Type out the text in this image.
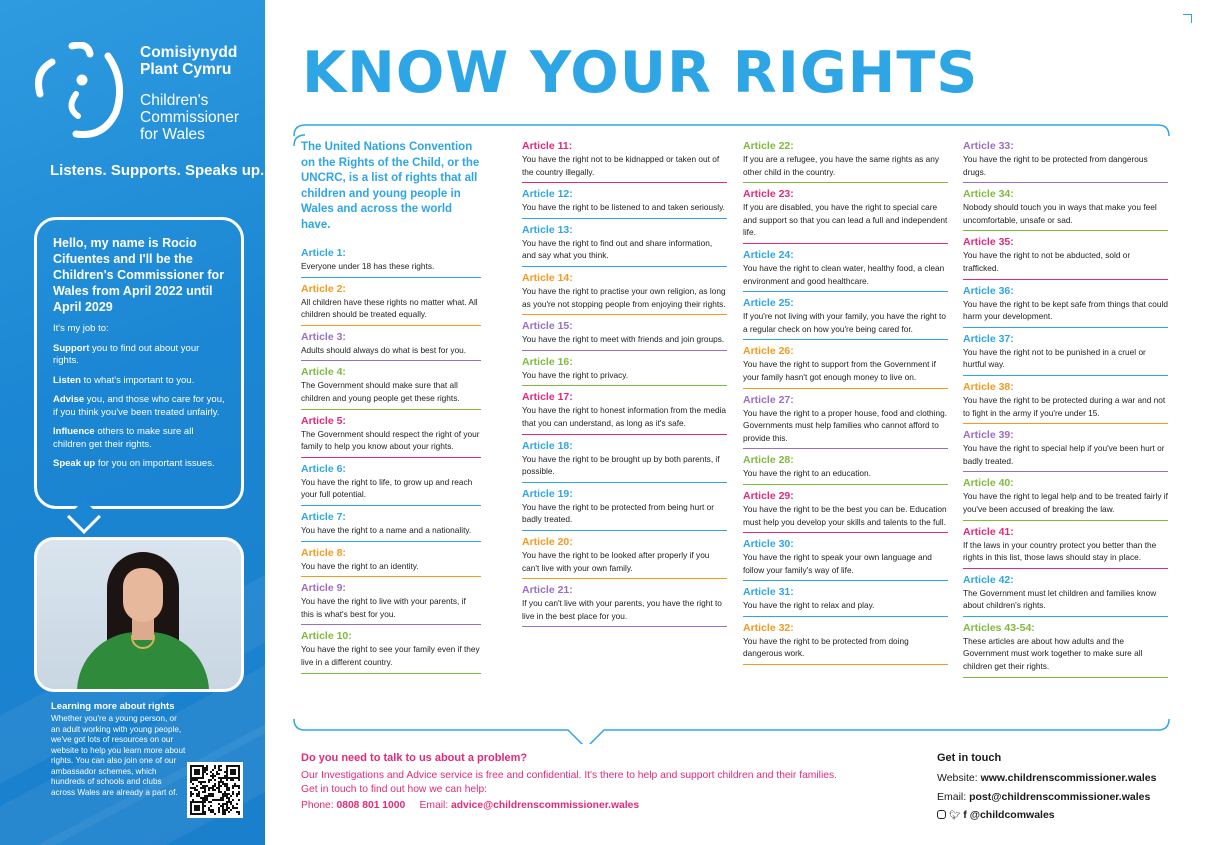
Comisiynydd
Plant Cymru
Children's
Commissioner
for Wales
Listens. Supports. Speaks up.
Hello, my name is Rocio Cifuentes and I'll be the Children's Commissioner for Wales from April 2022 until April 2029

It's my job to:

Support you to find out about your rights.

Listen to what's important to you.

Advise you, and those who care for you, if you think you've been treated unfairly.

Influence others to make sure all children get their rights.

Speak up for you on important issues.

Learning more about rights

Whether you're a young person, or an adult working with young people, we've got lots of resources on our website to help you learn more about rights. You can also join one of our ambassador schemes, which hundreds of schools and clubs across Wales are already a part of.

KNOW YOUR RIGHTS

The United Nations Convention on the Rights of the Child, or the UNCRC, is a list of rights that all children and young people in Wales and across the world have.

Article 1:
Everyone under 18 has these rights.
Article 2:
All children have these rights no matter what. All children should be treated equally.
Article 3:
Adults should always do what is best for you.
Article 4:
The Government should make sure that all children and young people get these rights.
Article 5:
The Government should respect the right of your family to help you know about your rights.
Article 6:
You have the right to life, to grow up and reach your full potential.
Article 7:
You have the right to a name and a nationality.
Article 8:
You have the right to an identity.
Article 9:
You have the right to live with your parents, if this is what's best for you.
Article 10:
You have the right to see your family even if they live in a different country.
Article 11:
You have the right not to be kidnapped or taken out of the country illegally.
Article 12:
You have the right to be listened to and taken seriously.
Article 13:
You have the right to find out and share information, and say what you think.
Article 14:
You have the right to practise your own religion, as long as you're not stopping people from enjoying their rights.
Article 15:
You have the right to meet with friends and join groups.
Article 16:
You have the right to privacy.
Article 17:
You have the right to honest information from the media that you can understand, as long as it's safe.
Article 18:
You have the right to be brought up by both parents, if possible.
Article 19:
You have the right to be protected from being hurt or badly treated.
Article 20:
You have the right to be looked after properly if you can't live with your own family.
Article 21:
If you can't live with your parents, you have the right to live in the best place for you.
Article 22:
If you are a refugee, you have the same rights as any other child in the country.
Article 23:
If you are disabled, you have the right to special care and support so that you can lead a full and independent life.
Article 24:
You have the right to clean water, healthy food, a clean environment and good healthcare.
Article 25:
If you're not living with your family, you have the right to a regular check on how you're being cared for.
Article 26:
You have the right to support from the Government if your family hasn't got enough money to live on.
Article 27:
You have the right to a proper house, food and clothing. Governments must help families who cannot afford to provide this.
Article 28:
You have the right to an education.
Article 29:
You have the right to be the best you can be. Education must help you develop your skills and talents to the full.
Article 30:
You have the right to speak your own language and follow your family's way of life.
Article 31:
You have the right to relax and play.
Article 32:
You have the right to be protected from doing dangerous work.
Article 33:
You have the right to be protected from dangerous drugs.
Article 34:
Nobody should touch you in ways that make you feel uncomfortable, unsafe or sad.
Article 35:
You have the right to not be abducted, sold or trafficked.
Article 36:
You have the right to be kept safe from things that could harm your development.
Article 37:
You have the right not to be punished in a cruel or hurtful way.
Article 38:
You have the right to be protected during a war and not to fight in the army if you're under 15.
Article 39:
You have the right to special help if you've been hurt or badly treated.
Article 40:
You have the right to legal help and to be treated fairly if you've been accused of breaking the law.
Article 41:
If the laws in your country protect you better than the rights in this list, those laws should stay in place.
Article 42:
The Government must let children and families know about children's rights.
Articles 43-54:
These articles are about how adults and the Government must work together to make sure all children get their rights.
Do you need to talk to us about a problem?

Our Investigations and Advice service is free and confidential. It's there to help and support children and their families.

Get in touch to find out how we can help:

Phone: 0808 801 1000 Email: advice@childrenscommissioner.wales

Get in touch

Website: www.childrenscommissioner.wales

Email: post@childrenscommissioner.wales

🐦︎ f @childcomwales
